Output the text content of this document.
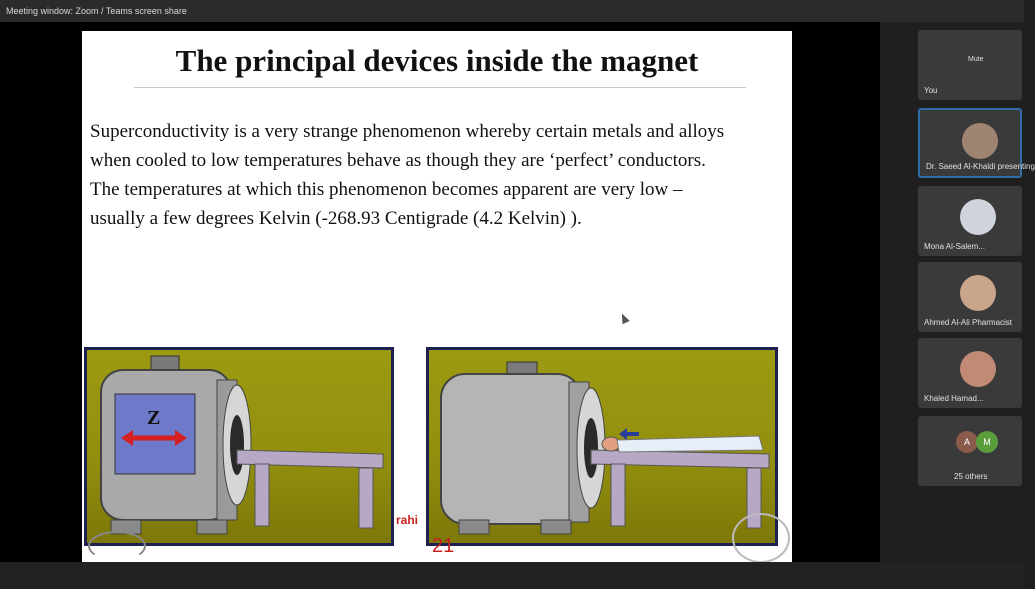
Meeting window: Zoom / Teams screen share
The principal devices inside the magnet
Superconductivity is a very strange phenomenon whereby certain metals and alloys when cooled to low temperatures behave as though they are ‘perfect’ conductors. The temperatures at which this phenomenon becomes apparent are very low – usually a few degrees Kelvin (-268.93 Centigrade (4.2 Kelvin) ).
Z
rahi
21
Mute
You
Dr. Saeed Al-Khaldi presenting
Mona Al-Salem...
Ahmed Al-Ali Pharmacist
Khaled Hamad...
A	M
25 others
